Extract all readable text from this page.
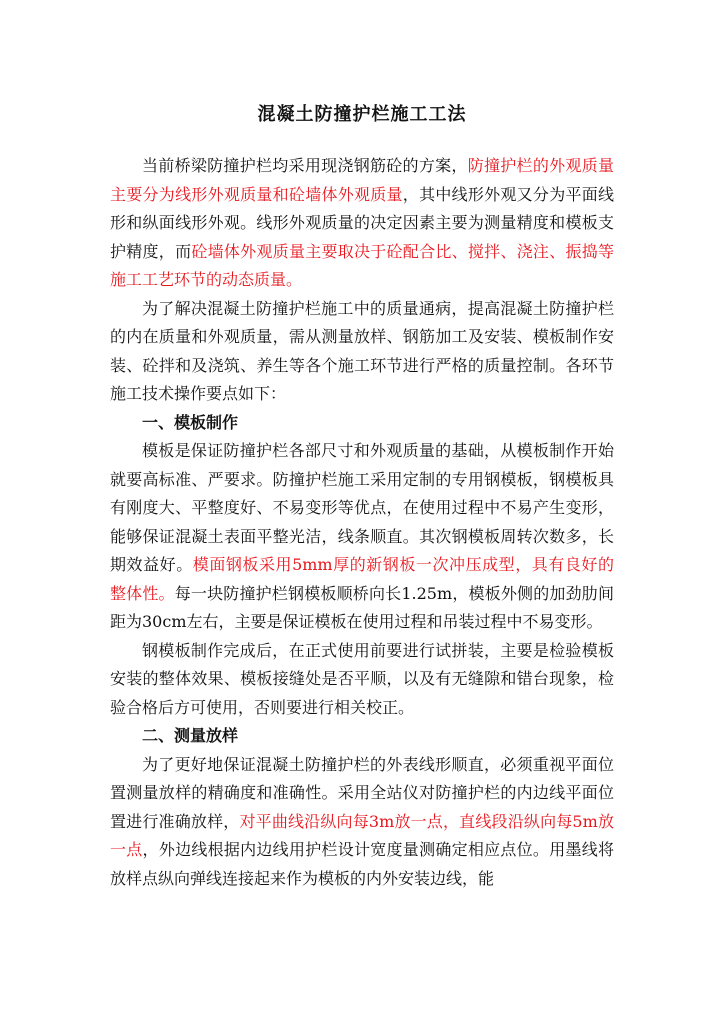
混凝土防撞护栏施工工法

当前桥梁防撞护栏均采用现浇钢筋砼的方案，防撞护栏的外观质量主要分为线形外观质量和砼墙体外观质量，其中线形外观又分为平面线形和纵面线形外观。线形外观质量的决定因素主要为测量精度和模板支护精度，而砼墙体外观质量主要取决于砼配合比、搅拌、浇注、振捣等施工工艺环节的动态质量。

为了解决混凝土防撞护栏施工中的质量通病，提高混凝土防撞护栏的内在质量和外观质量，需从测量放样、钢筋加工及安装、模板制作安装、砼拌和及浇筑、养生等各个施工环节进行严格的质量控制。各环节施工技术操作要点如下：

一、模板制作

模板是保证防撞护栏各部尺寸和外观质量的基础，从模板制作开始就要高标准、严要求。防撞护栏施工采用定制的专用钢模板，钢模板具有刚度大、平整度好、不易变形等优点，在使用过程中不易产生变形，能够保证混凝土表面平整光洁，线条顺直。其次钢模板周转次数多，长期效益好。模面钢板采用5mm厚的新钢板一次冲压成型，具有良好的整体性。每一块防撞护栏钢模板顺桥向长1.25m，模板外侧的加劲肋间距为30cm左右，主要是保证模板在使用过程和吊装过程中不易变形。

钢模板制作完成后，在正式使用前要进行试拼装，主要是检验模板安装的整体效果、模板接缝处是否平顺，以及有无缝隙和错台现象，检验合格后方可使用，否则要进行相关校正。

二、测量放样

为了更好地保证混凝土防撞护栏的外表线形顺直，必须重视平面位置测量放样的精确度和准确性。采用全站仪对防撞护栏的内边线平面位置进行准确放样，对平曲线沿纵向每3m放一点，直线段沿纵向每5m放一点，外边线根据内边线用护栏设计宽度量测确定相应点位。用墨线将放样点纵向弹线连接起来作为模板的内外安装边线，能
